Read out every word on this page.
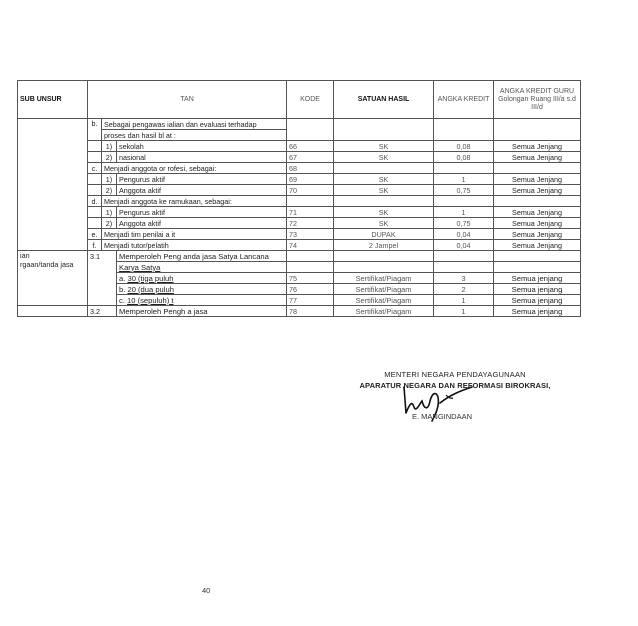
SUB UNSUR	TAN			KODE	SATUAN HASIL	ANGKA KREDIT	ANGKA KREDIT GURU Golongan Ruang III/a s.d III/d
	b.	Sebagai pengawas ialian dan evaluasi terhadap					
		proses dan hasil bl at :					
		1)	sekolah	66	SK	0,08	Semua Jenjang
		2)	nasional	67	SK	0,08	Semua Jenjang
	c.	Menjadi anggota or rofesi, sebagai:		68			
		1)	Pengurus aktif	69	SK	1	Semua Jenjang
		2)	Anggota aktif	70	SK	0,75	Semua Jenjang
	d.	Menjadi anggota ke ramukaan, sebagai:					
		1)	Pengurus aktif	71	SK	1	Semua Jenjang
		2)	Anggota aktif	72	SK	0,75	Semua Jenjang
	e.	Menjadi tim penilai a it		73	DUPAK	0,04	Semua Jenjang
	f.	Menjadi tutor/pelatih		74	2 Jampel	0,04	Semua Jenjang

ian
rgaan/tanda jasa	3.1		Memperoleh Peng anda jasa Satya Lancana				
			Karya Satya				
			a. 30 (tiga puluh	75	Sertifikat/Piagam	3	Semua jenjang
			b. 20 (dua puluh	76	Sertifikat/Piagam	2	Semua jenjang
			c. 10 (sepuluh) t	77	Sertifikat/Piagam	1	Semua jenjang
	3.2		Memperoleh Pengh a jasa	78	Sertifikat/Piagam	1	Semua jenjang
MENTERI NEGARA PENDAYAGUNAAN
APARATUR NEGARA DAN REFORMASI BIROKRASI,
E. MANGINDAAN
40
